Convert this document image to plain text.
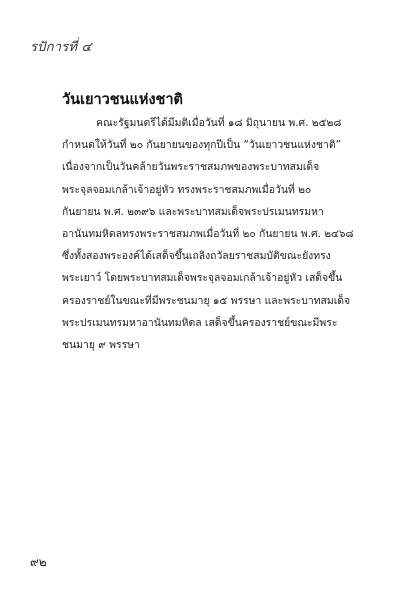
รปัการที่ ๔
วันเยาวชนแห่งชาติ
คณะรัฐมนตรีได้มีมติเมื่อวันที่ ๑๘ มิถุนายน พ.ศ. ๒๕๒๘
กำหนดให้วันที่ ๒๐ กันยายนของทุกปีเป็น “วันเยาวชนแห่งชาติ”
เนื่องจากเป็นวันคล้ายวันพระราชสมภพของพระบาทสมเด็จ
พระจุลจอมเกล้าเจ้าอยู่หัว ทรงพระราชสมภพเมื่อวันที่ ๒๐
กันยายน พ.ศ. ๒๓๙๖ และพระบาทสมเด็จพระปรเมนทรมหา
อานันทมหิดลทรงพระราชสมภพเมื่อวันที่ ๒๐ กันยายน พ.ศ. ๒๔๖๘
ซึ่งทั้งสองพระองค์ได้เสด็จขึ้นเถลิงถวัลยราชสมบัติขณะยังทรง
พระเยาว์ โดยพระบาทสมเด็จพระจุลจอมเกล้าเจ้าอยู่หัว เสด็จขึ้น
ครองราชย์ในขณะที่มีพระชนมายุ ๑๕ พรรษา และพระบาทสมเด็จ
พระปรเมนทรมหาอานันทมหิดล เสด็จขึ้นครองราชย์ขณะมีพระ
ชนมายุ ๙ พรรษา
๙๒
